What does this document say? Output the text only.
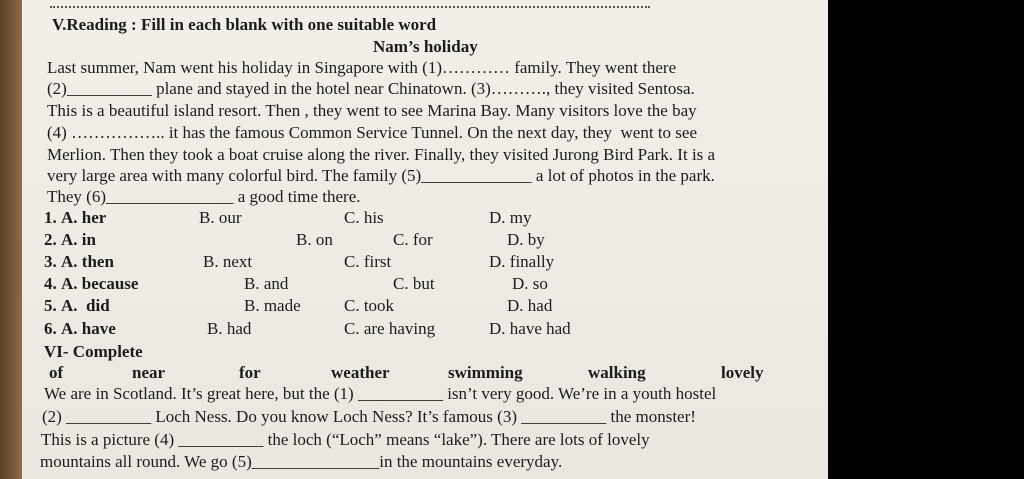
V.Reading : Fill in each blank with one suitable word
Nam’s holiday
Last summer, Nam went his holiday in Singapore with (1)………… family. They went there
(2)__________ plane and stayed in the hotel near Chinatown. (3)………., they visited Sentosa.
This is a beautiful island resort. Then , they went to see Marina Bay. Many visitors love the bay
(4) …………….. it has the famous Common Service Tunnel. On the next day, they  went to see
Merlion. Then they took a boat cruise along the river. Finally, they visited Jurong Bird Park. It is a
very large area with many colorful bird. The family (5)_____________ a lot of photos in the park.
They (6)_______________ a good time there.
1. A. her	B. our	C. his	D. my
2. A. in	B. on	C. for	D. by
3. A. then	B. next	C. first	D. finally
4. A. because	B. and	C. but	D. so
5. A.  did	B. made	C. took	D. had
6. A. have	B. had	C. are having	D. have had
VI- Complete
of	near	for	weather	swimming	walking	lovely
We are in Scotland. It’s great here, but the (1) __________ isn’t very good. We’re in a youth hostel
(2) __________ Loch Ness. Do you know Loch Ness? It’s famous (3) __________ the monster!
This is a picture (4) __________ the loch (“Loch” means “lake”). There are lots of lovely
mountains all round. We go (5)_______________in the mountains everyday.
